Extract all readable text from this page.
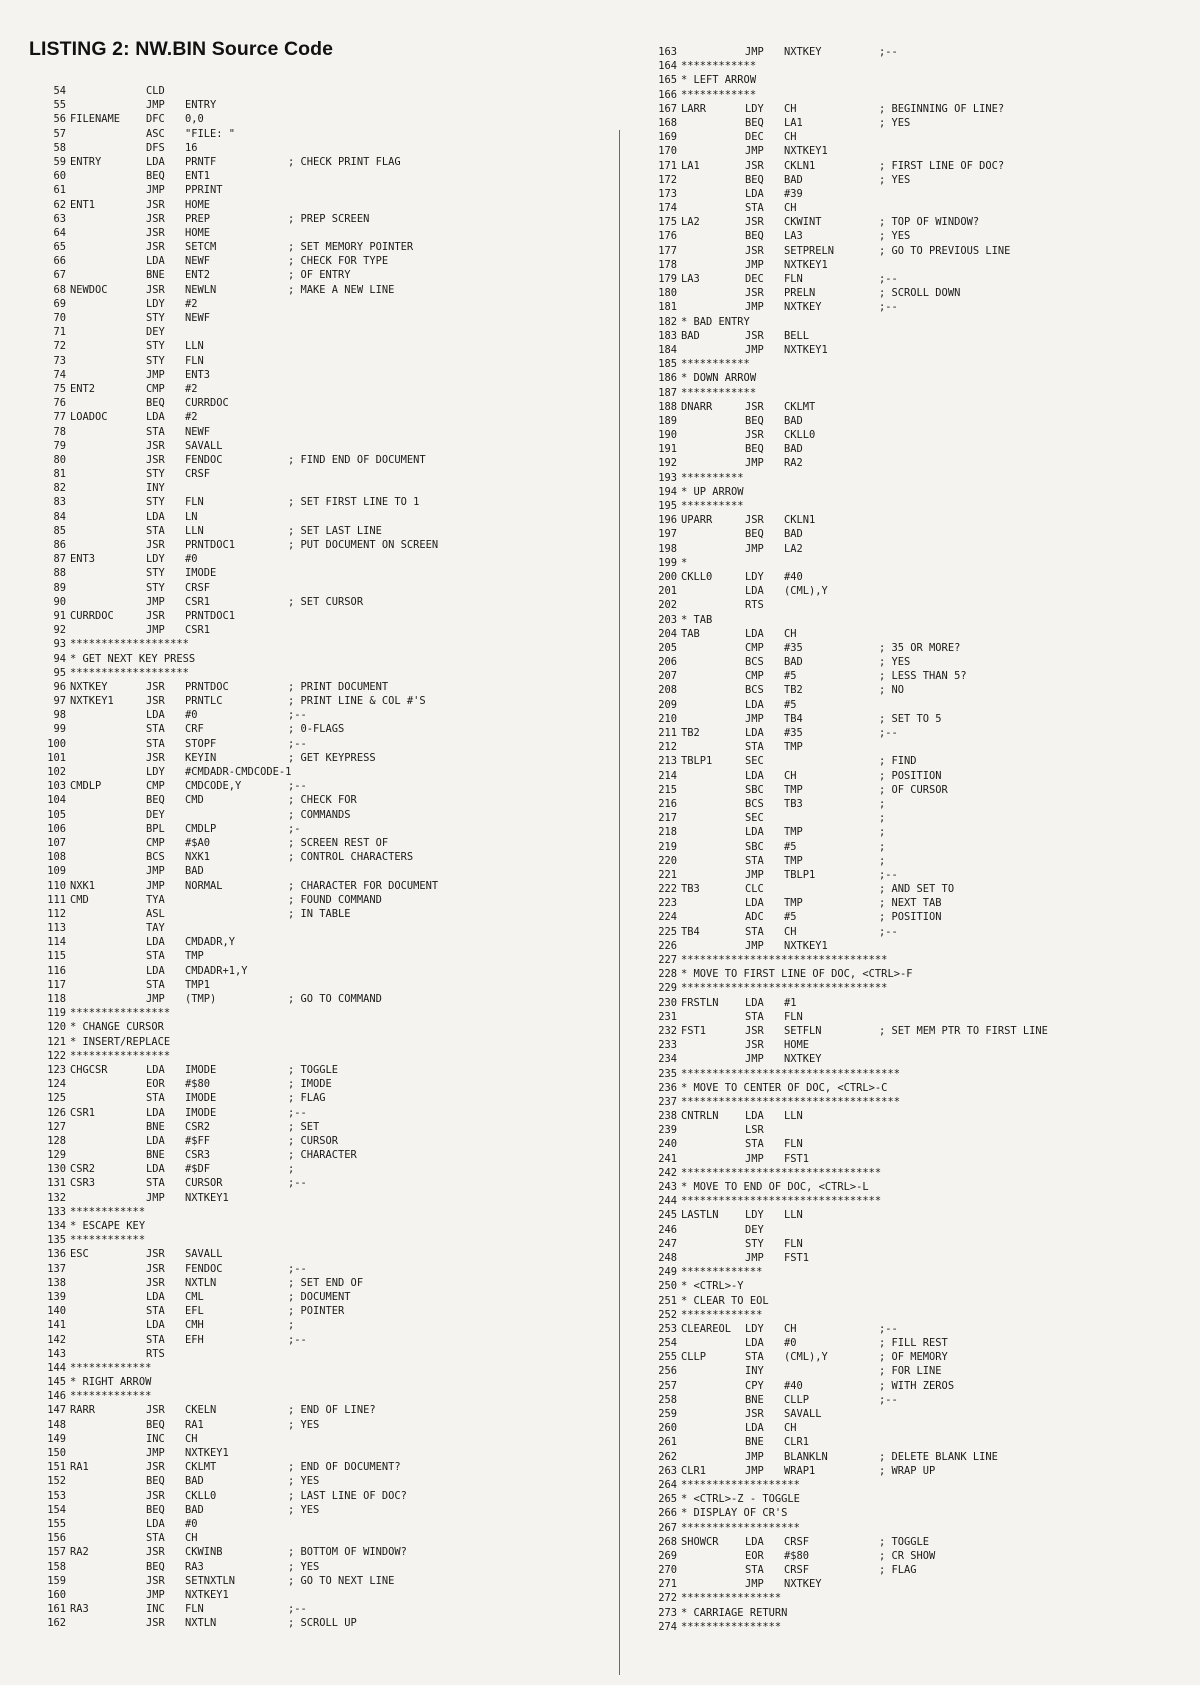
LISTING 2: NW.BIN Source Code
54	CLD
55	JMP ENTRY
56 FILENAME DFC 0,0
57	ASC "FILE: "
58	DFS 16
59 ENTRY	LDA PRNTF	; CHECK PRINT FLAG
60	BEQ ENT1
61	JMP PPRINT
62 ENT1	JSR HOME
63	JSR PREP	; PREP SCREEN
64	JSR HOME
65	JSR SETCM	; SET MEMORY POINTER
66	LDA NEWF	; CHECK FOR TYPE
67	BNE ENT2	; OF ENTRY
68 NEWDOC	JSR NEWLN	; MAKE A NEW LINE
69	LDY #2
70	STY NEWF
71	DEY
72	STY LLN
73	STY FLN
74	JMP ENT3
75 ENT2	CMP #2
76	BEQ CURRDOC
77 LOADOC	LDA #2
78	STA NEWF
79	JSR SAVALL
80	JSR FENDOC	; FIND END OF DOCUMENT
81	STY CRSF
82	INY
83	STY FLN	; SET FIRST LINE TO 1
84	LDA LN
85	STA LLN	; SET LAST LINE
86	JSR PRNTDOC1	; PUT DOCUMENT ON SCREEN
87 ENT3	LDY #0
88	STY IMODE
89	STY CRSF
90	JMP CSR1	; SET CURSOR
91 CURRDOC	JSR PRNTDOC1
92	JMP CSR1
93 *******************
94 * GET NEXT KEY PRESS
95 *******************
96 NXTKEY	JSR PRNTDOC	; PRINT DOCUMENT
97 NXTKEY1	JSR PRNTLC	; PRINT LINE & COL #'S
98	LDA #0	;--
99	STA CRF	; 0-FLAGS
100	STA STOPF	;--
101	JSR KEYIN	; GET KEYPRESS
102	LDY #CMDADR-CMDCODE-1
103 CMDLP	CMP CMDCODE,Y	;--
104	BEQ CMD	; CHECK FOR
105	DEY	; COMMANDS
106	BPL CMDLP	;-
107	CMP #$A0	; SCREEN REST OF
108	BCS NXK1	; CONTROL CHARACTERS
109	JMP BAD
110 NXK1	JMP NORMAL	; CHARACTER FOR DOCUMENT
111 CMD	TYA	; FOUND COMMAND
112	ASL	; IN TABLE
113	TAY
114	LDA CMDADR,Y
115	STA TMP
116	LDA CMDADR+1,Y
117	STA TMP1
118	JMP (TMP)	; GO TO COMMAND
119 ****************
120 * CHANGE CURSOR
121 * INSERT/REPLACE
122 ****************
123 CHGCSR	LDA IMODE	; TOGGLE
124	EOR #$80	; IMODE
125	STA IMODE	; FLAG
126 CSR1	LDA IMODE	;--
127	BNE CSR2	; SET
128	LDA #$FF	; CURSOR
129	BNE CSR3	; CHARACTER
130 CSR2	LDA #$DF	;
131 CSR3	STA CURSOR	;--
132	JMP NXTKEY1
133 ************
134 * ESCAPE KEY
135 ************
136 ESC	JSR SAVALL
137	JSR FENDOC	;--
138	JSR NXTLN	; SET END OF
139	LDA CML	; DOCUMENT
140	STA EFL	; POINTER
141	LDA CMH	;
142	STA EFH	;--
143	RTS
144 *************
145 * RIGHT ARROW
146 *************
147 RARR	JSR CKELN	; END OF LINE?
148	BEQ RA1	; YES
149	INC CH
150	JMP NXTKEY1
151 RA1	JSR CKLMT	; END OF DOCUMENT?
152	BEQ BAD	; YES
153	JSR CKLL0	; LAST LINE OF DOC?
154	BEQ BAD	; YES
155	LDA #0
156	STA CH
157 RA2	JSR CKWINB	; BOTTOM OF WINDOW?
158	BEQ RA3	; YES
159	JSR SETNXTLN	; GO TO NEXT LINE
160	JMP NXTKEY1
161 RA3	INC FLN	;--
162	JSR NXTLN	; SCROLL UP
163	JMP NXTKEY	;--
164 ************
165 * LEFT ARROW
166 ************
167 LARR	LDY CH	; BEGINNING OF LINE?
168	BEQ LA1	; YES
169	DEC CH
170	JMP NXTKEY1
171 LA1	JSR CKLN1	; FIRST LINE OF DOC?
172	BEQ BAD	; YES
173	LDA #39
174	STA CH
175 LA2	JSR CKWINT	; TOP OF WINDOW?
176	BEQ LA3	; YES
177	JSR SETPRELN	; GO TO PREVIOUS LINE
178	JMP NXTKEY1
179 LA3	DEC FLN	;--
180	JSR PRELN	; SCROLL DOWN
181	JMP NXTKEY	;--
182 * BAD ENTRY
183 BAD	JSR BELL
184	JMP NXTKEY1
185 ***********
186 * DOWN ARROW
187 ************
188 DNARR	JSR CKLMT
189	BEQ BAD
190	JSR CKLL0
191	BEQ BAD
192	JMP RA2
193 **********
194 * UP ARROW
195 **********
196 UPARR	JSR CKLN1
197	BEQ BAD
198	JMP LA2
199 *
200 CKLL0	LDY #40
201	LDA (CML),Y
202	RTS
203 * TAB
204 TAB	LDA CH
205	CMP #35	; 35 OR MORE?
206	BCS BAD	; YES
207	CMP #5	; LESS THAN 5?
208	BCS TB2	; NO
209	LDA #5
210	JMP TB4	; SET TO 5
211 TB2	LDA #35	;--
212	STA TMP
213 TBLP1	SEC	; FIND
214	LDA CH	; POSITION
215	SBC TMP	; OF CURSOR
216	BCS TB3	;
217	SEC	;
218	LDA TMP	;
219	SBC #5	;
220	STA TMP	;
221	JMP TBLP1	;--
222 TB3	CLC	; AND SET TO
223	LDA TMP	; NEXT TAB
224	ADC #5	; POSITION
225 TB4	STA CH	;--
226	JMP NXTKEY1
227 *********************************
228 * MOVE TO FIRST LINE OF DOC, <CTRL>-F
229 *********************************
230 FRSTLN	LDA #1
231	STA FLN
232 FST1	JSR SETFLN	; SET MEM PTR TO FIRST LINE
233	JSR HOME
234	JMP NXTKEY
235 ***********************************
236 * MOVE TO CENTER OF DOC, <CTRL>-C
237 ***********************************
238 CNTRLN	LDA LLN
239	LSR
240	STA FLN
241	JMP FST1
242 ********************************
243 * MOVE TO END OF DOC, <CTRL>-L
244 ********************************
245 LASTLN	LDY LLN
246	DEY
247	STY FLN
248	JMP FST1
249 *************
250 * <CTRL>-Y
251 * CLEAR TO EOL
252 *************
253 CLEAREOL LDY CH	;--
254	LDA #0	; FILL REST
255 CLLP	STA (CML),Y	; OF MEMORY
256	INY	; FOR LINE
257	CPY #40	; WITH ZEROS
258	BNE CLLP	;--
259	JSR SAVALL
260	LDA CH
261	BNE CLR1
262	JMP BLANKLN	; DELETE BLANK LINE
263 CLR1	JMP WRAP1	; WRAP UP
264 *******************
265 * <CTRL>-Z - TOGGLE
266 * DISPLAY OF CR'S
267 *******************
268 SHOWCR	LDA CRSF	; TOGGLE
269	EOR #$80	; CR SHOW
270	STA CRSF	; FLAG
271	JMP NXTKEY
272 ****************
273 * CARRIAGE RETURN
274 ****************
